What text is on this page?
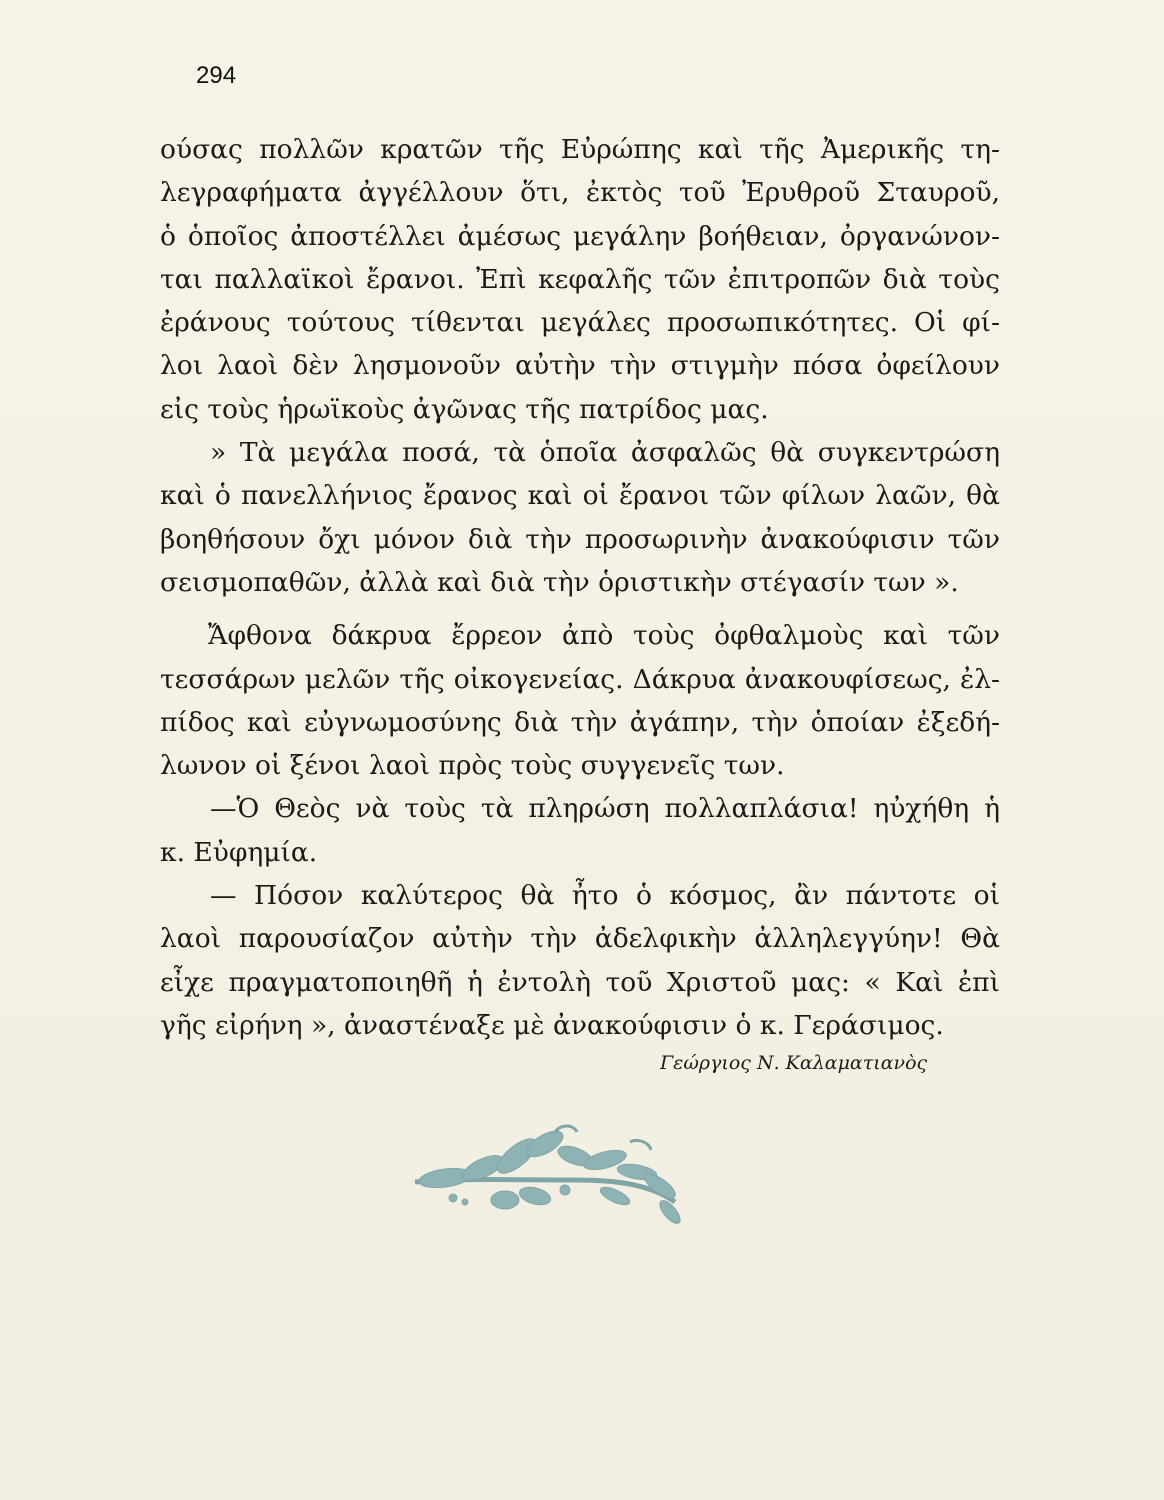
294
ούσας πολλῶν κρατῶν τῆς Εὐρώπης καὶ τῆς Ἀμερικῆς τη-
λεγραφήματα ἀγγέλλουν ὅτι, ἐκτὸς τοῦ Ἐρυθροῦ Σταυροῦ,
ὁ ὁποῖος ἀποστέλλει ἀμέσως μεγάλην βοήθειαν, ὀργανώνον-
ται παλλαϊκοὶ ἔρανοι. Ἐπὶ κεφαλῆς τῶν ἐπιτροπῶν διὰ τοὺς
ἐράνους τούτους τίθενται μεγάλες προσωπικότητες. Οἱ φί-
λοι λαοὶ δὲν λησμονοῦν αὐτὴν τὴν στιγμὴν πόσα ὀφείλουν
εἰς τοὺς ἡρωϊκοὺς ἀγῶνας τῆς πατρίδος μας.
» Τὰ μεγάλα ποσά, τὰ ὁποῖα ἀσφαλῶς θὰ συγκεντρώση
καὶ ὁ πανελλήνιος ἔρανος καὶ οἱ ἔρανοι τῶν φίλων λαῶν, θὰ
βοηθήσουν ὄχι μόνον διὰ τὴν προσωρινὴν ἀνακούφισιν τῶν
σεισμοπαθῶν, ἀλλὰ καὶ διὰ τὴν ὁριστικὴν στέγασίν των ».
Ἄφθονα δάκρυα ἔρρεον ἀπὸ τοὺς ὀφθαλμοὺς καὶ τῶν
τεσσάρων μελῶν τῆς οἰκογενείας. Δάκρυα ἀνακουφίσεως, ἐλ-
πίδος καὶ εὐγνωμοσύνης διὰ τὴν ἀγάπην, τὴν ὁποίαν ἐξεδή-
λωνον οἱ ξένοι λαοὶ πρὸς τοὺς συγγενεῖς των.
—Ὁ Θεὸς νὰ τοὺς τὰ πληρώση πολλαπλάσια! ηὐχήθη ἡ
κ. Εὐφημία.
— Πόσον καλύτερος θὰ ἦτο ὁ κόσμος, ἂν πάντοτε οἱ
λαοὶ παρουσίαζον αὐτὴν τὴν ἀδελφικὴν ἀλληλεγγύην! Θὰ
εἶχε πραγματοποιηθῆ ἡ ἐντολὴ τοῦ Χριστοῦ μας: « Καὶ ἐπὶ
γῆς εἰρήνη », ἀναστέναξε μὲ ἀνακούφισιν ὁ κ. Γεράσιμος.
Γεώργιος Ν. Καλαματιανὸς
